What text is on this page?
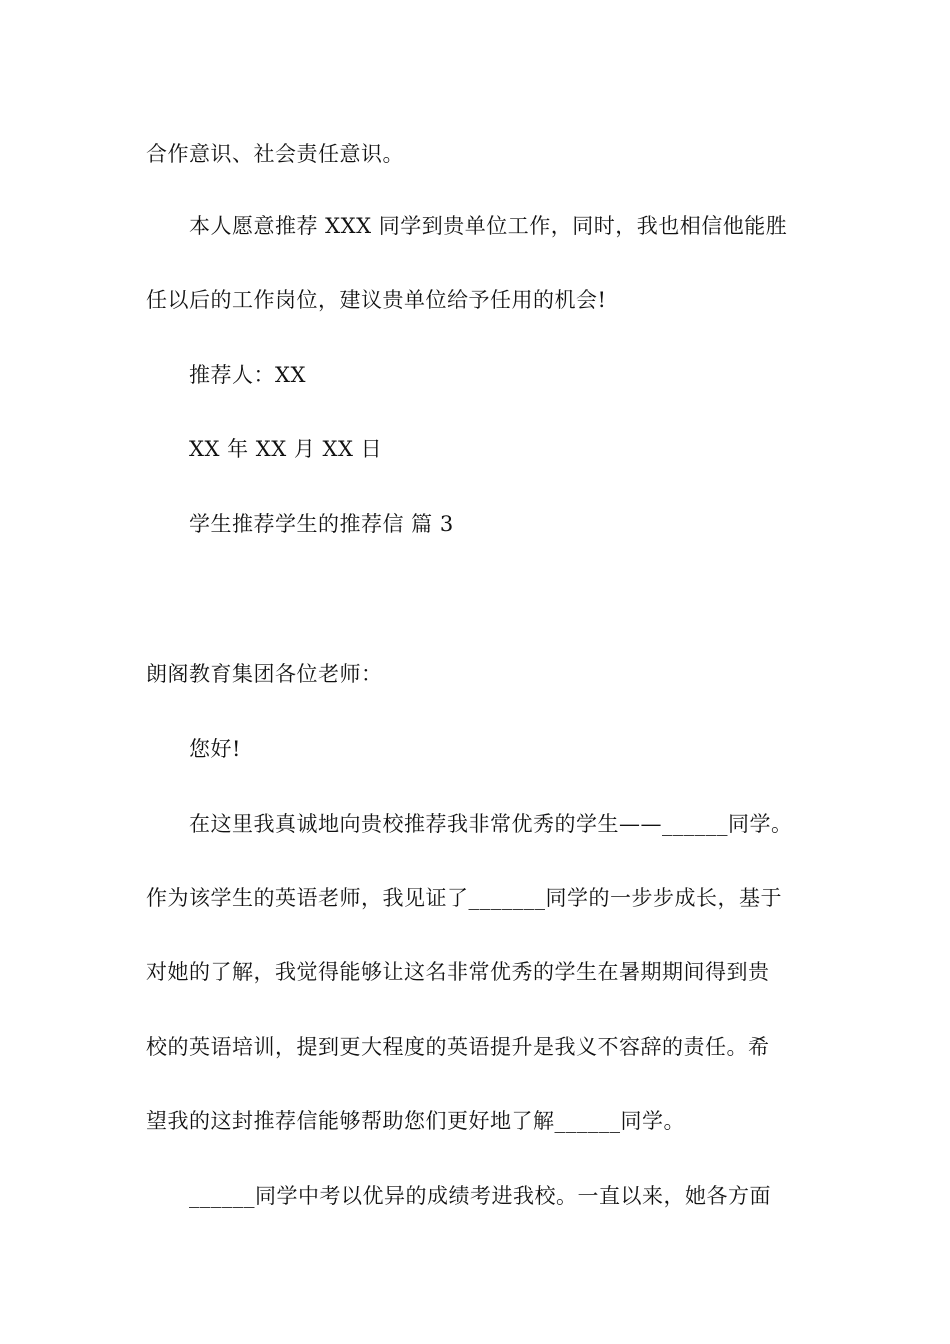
合作意识、社会责任意识。
本人愿意推荐 XXX 同学到贵单位工作，同时，我也相信他能胜
任以后的工作岗位，建议贵单位给予任用的机会!
推荐人：XX
XX 年 XX 月 XX 日
学生推荐学生的推荐信 篇 3
朗阁教育集团各位老师：
您好!
在这里我真诚地向贵校推荐我非常优秀的学生——______同学。
作为该学生的英语老师，我见证了_______同学的一步步成长，基于
对她的了解，我觉得能够让这名非常优秀的学生在暑期期间得到贵
校的英语培训，提到更大程度的英语提升是我义不容辞的责任。希
望我的这封推荐信能够帮助您们更好地了解______同学。
______同学中考以优异的成绩考进我校。一直以来，她各方面
